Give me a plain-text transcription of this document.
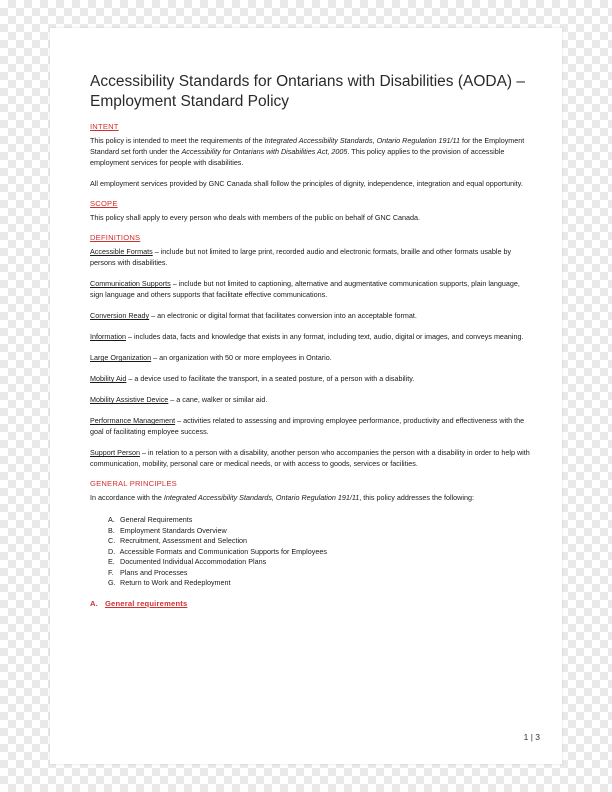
Accessibility Standards for Ontarians with Disabilities (AODA) – Employment Standard Policy
INTENT

This policy is intended to meet the requirements of the Integrated Accessibility Standards, Ontario Regulation 191/11 for the Employment Standard set forth under the Accessibility for Ontarians with Disabilities Act, 2005. This policy applies to the provision of accessible employment services for people with disabilities.

All employment services provided by GNC Canada shall follow the principles of dignity, independence, integration and equal opportunity.

SCOPE

This policy shall apply to every person who deals with members of the public on behalf of GNC Canada.

DEFINITIONS

Accessible Formats – include but not limited to large print, recorded audio and electronic formats, braille and other formats usable by persons with disabilities.

Communication Supports – include but not limited to captioning, alternative and augmentative communication supports, plain language, sign language and others supports that facilitate effective communications.

Conversion Ready – an electronic or digital format that facilitates conversion into an acceptable format.

Information – includes data, facts and knowledge that exists in any format, including text, audio, digital or images, and conveys meaning.

Large Organization – an organization with 50 or more employees in Ontario.

Mobility Aid – a device used to facilitate the transport, in a seated posture, of a person with a disability.

Mobility Assistive Device – a cane, walker or similar aid.

Performance Management – activities related to assessing and improving employee performance, productivity and effectiveness with the goal of facilitating employee success.

Support Person – in relation to a person with a disability, another person who accompanies the person with a disability in order to help with communication, mobility, personal care or medical needs, or with access to goods, services or facilities.

GENERAL PRINCIPLES

In accordance with the Integrated Accessibility Standards, Ontario Regulation 191/11, this policy addresses the following:

A. General Requirements
B. Employment Standards Overview
C. Recruitment, Assessment and Selection
D. Accessible Formats and Communication Supports for Employees
E. Documented Individual Accommodation Plans
F. Plans and Processes
G. Return to Work and Redeployment
A. General requirements
1 | 3
